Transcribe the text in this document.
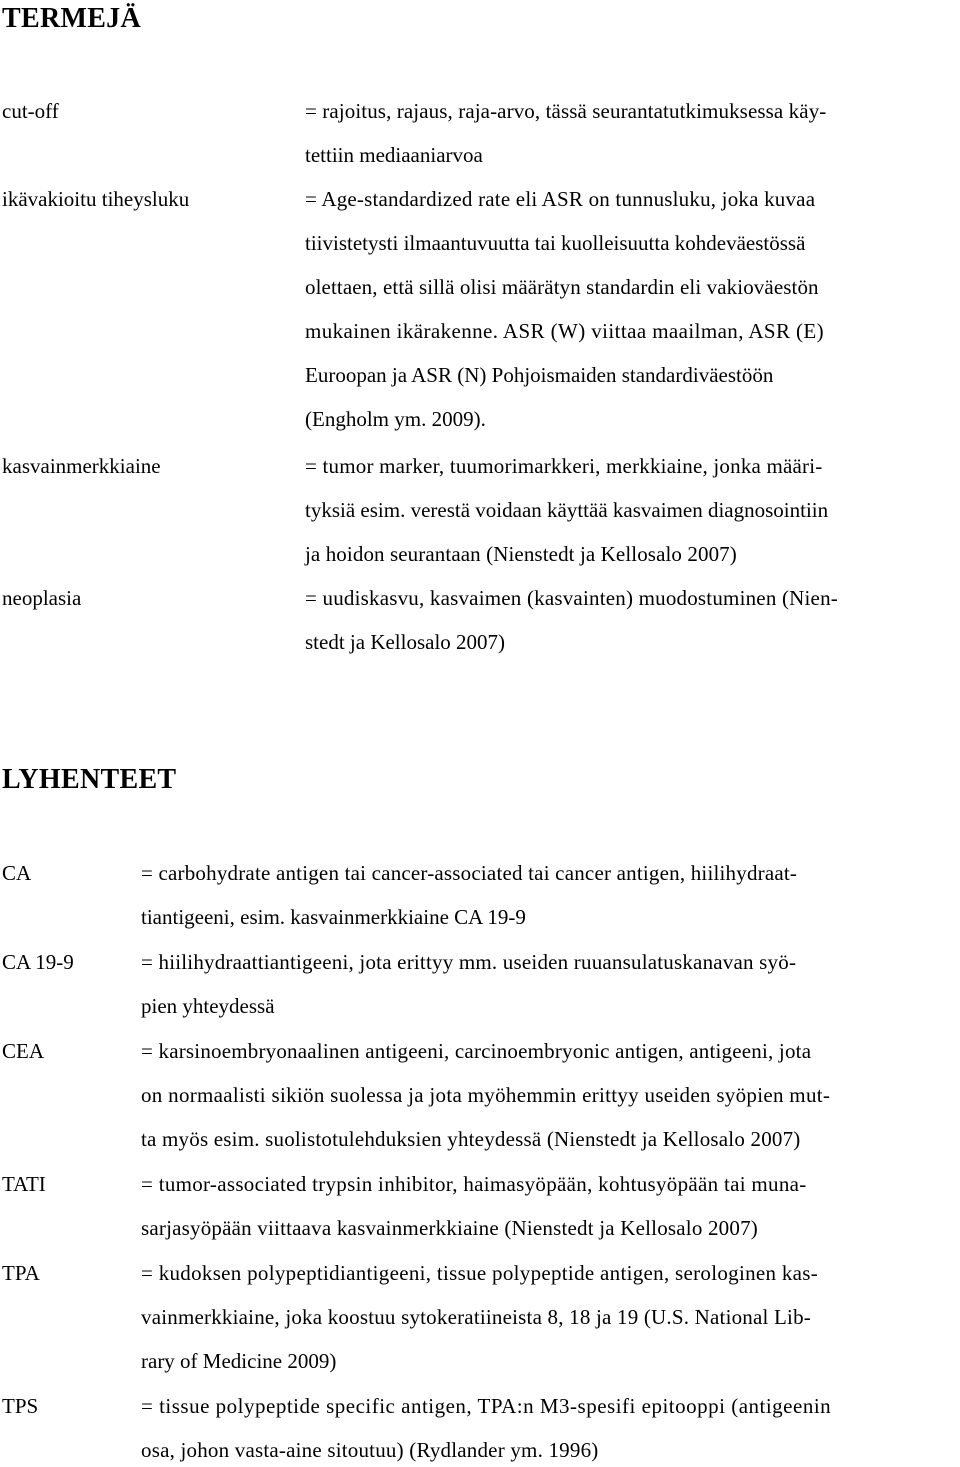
TERMEJÄ
cut-off	= rajoitus, rajaus, raja-arvo, tässä seurantatutkimuksessa käy-
tettiin mediaaniarvoa
ikävakioitu tiheysluku	= Age-standardized rate eli ASR on tunnusluku, joka kuvaa
tiivistetysti ilmaantuvuutta tai kuolleisuutta kohdeväestössä
olettaen, että sillä olisi määrätyn standardin eli vakioväestön
mukainen ikärakenne. ASR (W) viittaa maailman, ASR (E)
Euroopan ja ASR (N) Pohjoismaiden standardiväestöön
(Engholm ym. 2009).
kasvainmerkkiaine	= tumor marker, tuumorimarkkeri, merkkiaine, jonka määri-
tyksiä esim. verestä voidaan käyttää kasvaimen diagnosointiin
ja hoidon seurantaan (Nienstedt ja Kellosalo 2007)
neoplasia	= uudiskasvu, kasvaimen (kasvainten) muodostuminen (Nien-
stedt ja Kellosalo 2007)
LYHENTEET
CA	= carbohydrate antigen tai cancer-associated tai cancer antigen, hiilihydraat-
tiantigeeni, esim. kasvainmerkkiaine CA 19-9
CA 19-9	= hiilihydraattiantigeeni, jota erittyy mm. useiden ruuansulatuskanavan syö-
pien yhteydessä
CEA	= karsinoembryonaalinen antigeeni, carcinoembryonic antigen, antigeeni, jota
on normaalisti sikiön suolessa ja jota myöhemmin erittyy useiden syöpien mut-
ta myös esim. suolistotulehduksien yhteydessä (Nienstedt ja Kellosalo 2007)
TATI	= tumor-associated trypsin inhibitor, haimasyöpään, kohtusyöpään tai muna-
sarjasyöpään viittaava kasvainmerkkiaine (Nienstedt ja Kellosalo 2007)
TPA	= kudoksen polypeptidiantigeeni, tissue polypeptide antigen, serologinen kas-
vainmerkkiaine, joka koostuu sytokeratiineista 8, 18 ja 19 (U.S. National Lib-
rary of Medicine 2009)
TPS	= tissue polypeptide specific antigen, TPA:n M3-spesifi epitooppi (antigeenin
osa, johon vasta-aine sitoutuu) (Rydlander ym. 1996)
